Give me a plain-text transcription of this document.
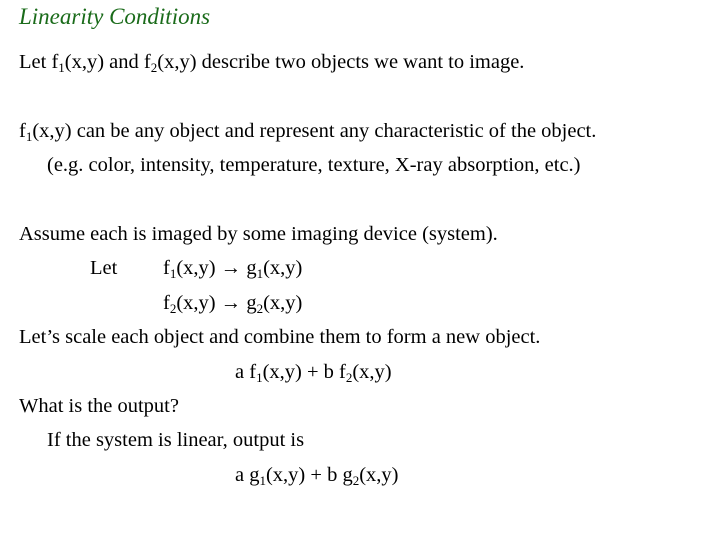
Linearity Conditions
Let $f_1(x,y)$ and $f_2(x,y)$ describe two objects we want to image.
$f_1(x,y)$ can be any object and represent any characteristic of the object.
(e.g. color, intensity, temperature, texture, X-ray absorption, etc.)
Assume each is imaged by some imaging device (system).
Let $f_1(x,y) \to g_1(x,y)$
$f_2(x,y) \to g_2(x,y)$
Let’s scale each object and combine them to form a new object.
a $f_1(x,y) + b$ $f_2(x,y)$
What is the output?
If the system is linear, output is
a $g_1(x,y) + b$ $g_2(x,y)$
